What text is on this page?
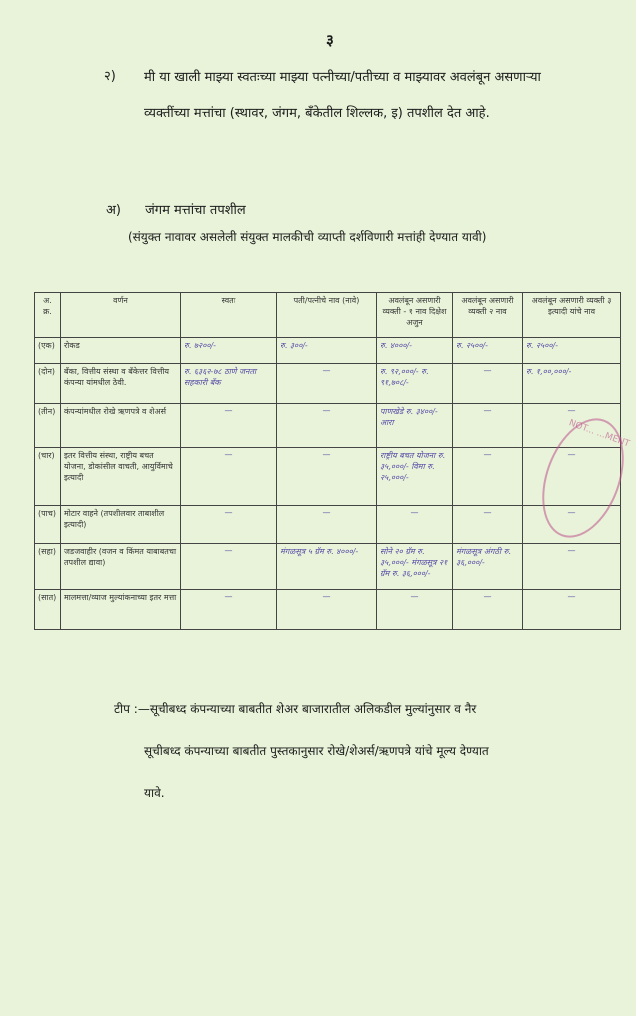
३
२) मी या खाली माझ्या स्वतःच्या माझ्या पत्नीच्या/पतीच्या व माझ्यावर अवलंबून असणाऱ्या व्यक्तींच्या मत्तांचा (स्थावर, जंगम, बँकेतील शिल्लक, इ) तपशील देत आहे.
अ) जंगम मत्तांचा तपशील
(संयुक्त नावावर असलेली संयुक्त मालकीची व्याप्ती दर्शविणारी मत्तांही देण्यात यावी)
अ. क्र.	वर्णन	स्वतः	पती/पत्नीचे नाव (नावे)	अवलंबून असणारी व्यक्ती - १ नाव दिक्षेश अजुन	अवलंबून असणारी व्यक्ती २ नाव	अवलंबून असणारी व्यक्ती ३ इत्यादी यांचे नाव
(एक)	रोकड	रु. ७२००/-	रु. ३००/-	रु. ४०००/-	रु. २५००/-	रु. २५००/-
(दोन)	बँका, वित्तीय संस्था व बँकेत्तर वित्तीय कंपन्या यांमधील ठेवी.	रु. ६३६२-७८ ठाणे जनता सहकारी बँक	—	रु. ९२,०००/- रु. ९१,७०८/-	—	रु. १,००,०००/-
(तीन)	कंपन्यांमधील रोखे ऋणपत्रे व शेअर्स	—	—	पाणखेडे रु. ३४००/- आरा	—	—
(चार)	इतर वित्तीय संस्था, राष्ट्रीय बचत योजना, डोकांसील वाचती, आयुर्विमाचे इत्यादी	—	—	राष्ट्रीय बचत योजना रु. ३५,०००/- विमा रु. २५,०००/-	—	—
(पाच)	मोटार वाहने (तपशीलवार ताबाशील इत्यादी)	—	—	—	—	—
(सहा)	जडजवाहीर (वजन व किंमत याबाबतचा तपशील द्यावा)	—	मंगळसूत्र ५ ग्रॅम रु. ४०००/-	सोने २० ग्रॅम रु. ३५,०००/- मंगळसूत्र २१ ग्रॅम रु. ३६,०००/-	मंगळसूत्र अंगठी रु. ३६,०००/-	—
(सात)	मालमत्ता/व्याज मुल्यांकनाच्या इतर मत्ता	—	—	—	—	—
NOT... ...MENT
टीप :—सूचीबध्द कंपन्याच्या बाबतीत शेअर बाजारातील अलिकडील मुल्यांनुसार व नैर
सूचीबध्द कंपन्याच्या बाबतीत पुस्तकानुसार रोखे/शेअर्स/ऋणपत्रे यांचे मूल्य देण्यात
यावे.
